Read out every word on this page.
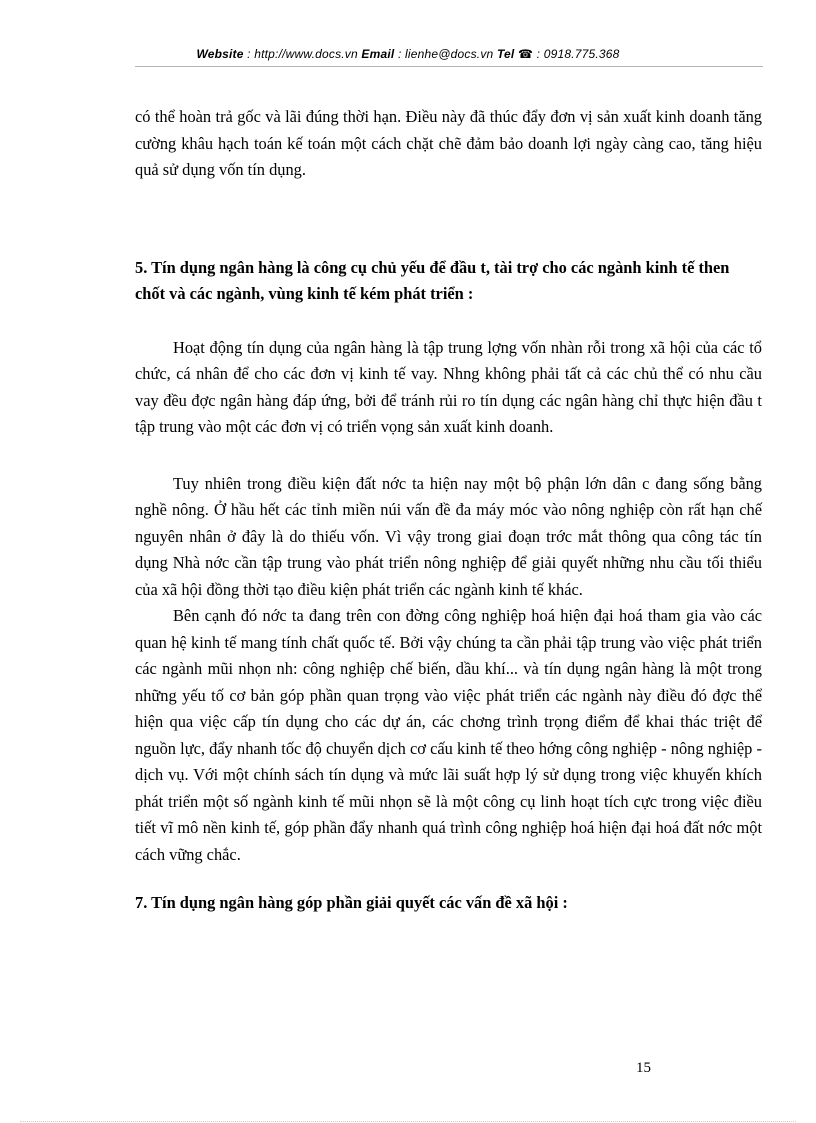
Website : http://www.docs.vn Email : lienhe@docs.vn Tel ☎ : 0918.775.368

có thể hoàn trả gốc và lãi đúng thời hạn. Điều này đã thúc đẩy đơn vị sản xuất kinh doanh tăng cường khâu hạch toán kế toán một cách chặt chẽ đảm bảo doanh lợi ngày càng cao, tăng hiệu quả sử dụng vốn tín dụng.

5. Tín dụng ngân hàng là công cụ chủ yếu để đầu t, tài trợ cho các ngành kinh tế then chốt và các ngành, vùng kinh tế kém phát triển :

Hoạt động tín dụng của ngân hàng là tập trung lợng vốn nhàn rỗi trong xã hội của các tổ chức, cá nhân để cho các đơn vị kinh tế vay. Nhng không phải tất cả các chủ thể có nhu cầu vay đều đợc ngân hàng đáp ứng, bởi để tránh rủi ro tín dụng các ngân hàng chỉ thực hiện đầu t tập trung vào một các đơn vị có triển vọng sản xuất kinh doanh.

Tuy nhiên trong điều kiện đất nớc ta hiện nay một bộ phận lớn dân c đang sống bằng nghề nông. Ở hầu hết các tỉnh miền núi vấn đề đa máy móc vào nông nghiệp còn rất hạn chế nguyên nhân ở đây là do thiếu vốn. Vì vậy trong giai đoạn trớc mắt thông qua công tác tín dụng Nhà nớc cần tập trung vào phát triển nông nghiệp để giải quyết những nhu cầu tối thiểu của xã hội đồng thời tạo điều kiện phát triển các ngành kinh tế khác.

Bên cạnh đó nớc ta đang trên con đờng công nghiệp hoá hiện đại hoá tham gia vào các quan hệ kinh tế mang tính chất quốc tế. Bởi vậy chúng ta cần phải tập trung vào việc phát triển các ngành mũi nhọn nh: công nghiệp chế biến, dầu khí... và tín dụng ngân hàng là một trong những yếu tố cơ bản góp phần quan trọng vào việc phát triển các ngành này điều đó đợc thể hiện qua việc cấp tín dụng cho các dự án, các chơng trình trọng điểm để khai thác triệt để nguồn lực, đẩy nhanh tốc độ chuyển dịch cơ cấu kinh tế theo hớng công nghiệp - nông nghiệp - dịch vụ. Với một chính sách tín dụng và mức lãi suất hợp lý sử dụng trong việc khuyến khích phát triển một số ngành kinh tế mũi nhọn sẽ là một công cụ linh hoạt tích cực trong việc điều tiết vĩ mô nền kinh tế, góp phần đẩy nhanh quá trình công nghiệp hoá hiện đại hoá đất nớc một cách vững chắc.

7. Tín dụng ngân hàng góp phần giải quyết các vấn đề xã hội :

15
